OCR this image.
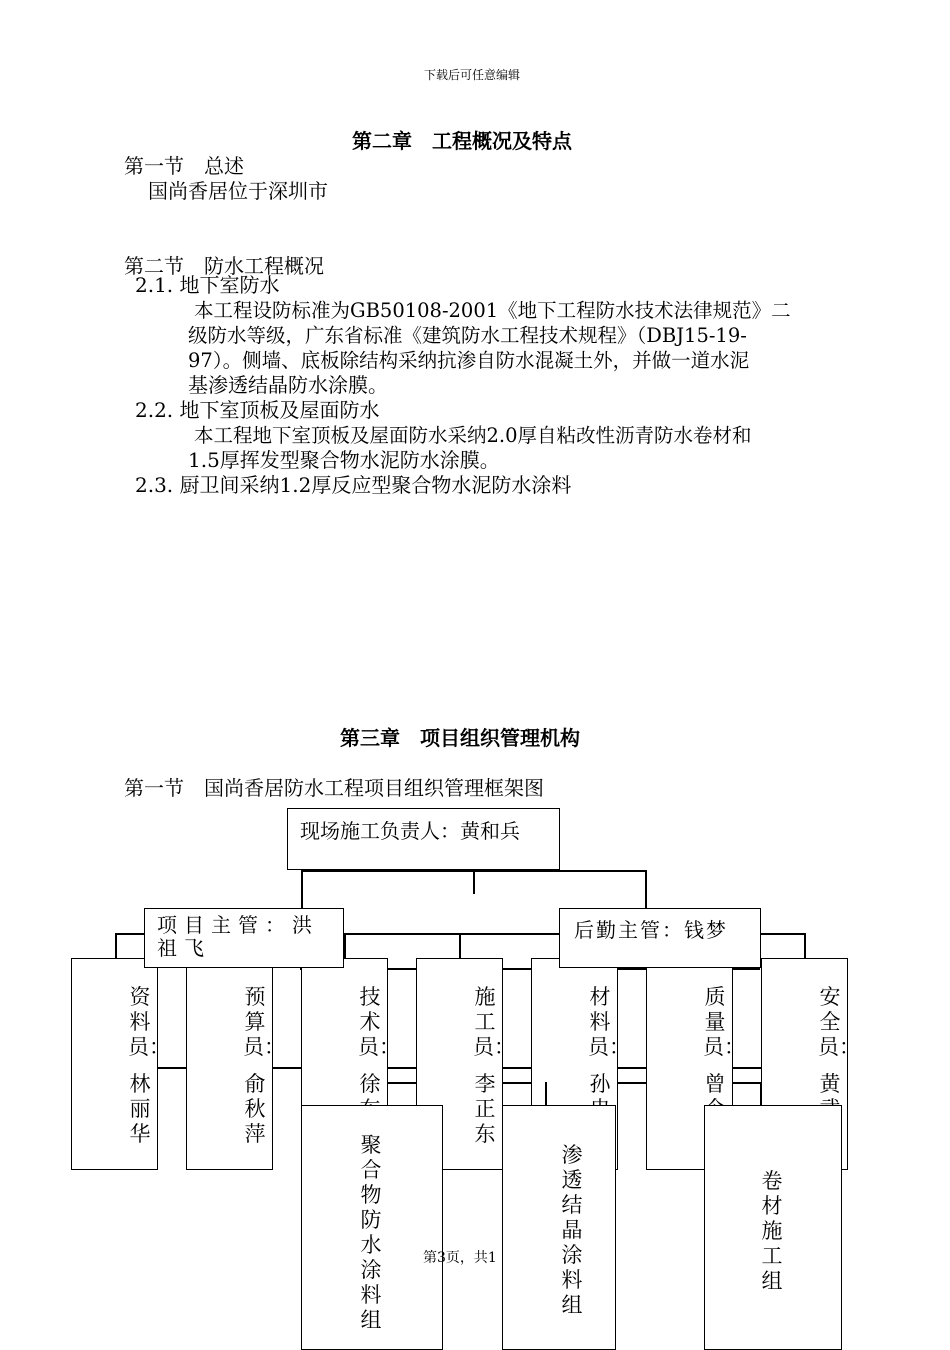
下载后可任意编辑
第二章　工程概况及特点
第一节　总述
国尚香居位于深圳市
第二节　防水工程概况
2.1. 地下室防水
本工程设防标准为GB50108-2001《地下工程防水技术法律规范》二
级防水等级，广东省标准《建筑防水工程技术规程》（DBJ15-19-
97）。侧墙、底板除结构采纳抗渗自防水混凝土外，并做一道水泥
基渗透结晶防水涂膜。
2.2. 地下室顶板及屋面防水
本工程地下室顶板及屋面防水采纳2.0厚自粘改性沥青防水卷材和
1.5厚挥发型聚合物水泥防水涂膜。
2.3. 厨卫间采纳1.2厚反应型聚合物水泥防水涂料
第三章　项目组织管理机构
第一节　国尚香居防水工程项目组织管理框架图
现场施工负责人：黄和兵
项目主管：洪祖飞
后勤主管：钱梦
资料员：
林丽华
预算员：
俞秋萍
技术员：
徐
施工员：
李正东
材料员：
孙
质量员：
曾
安全员：
黄
聚合物防水涂料组
渗透结晶涂料组
卷材施工组
第3页，共1
